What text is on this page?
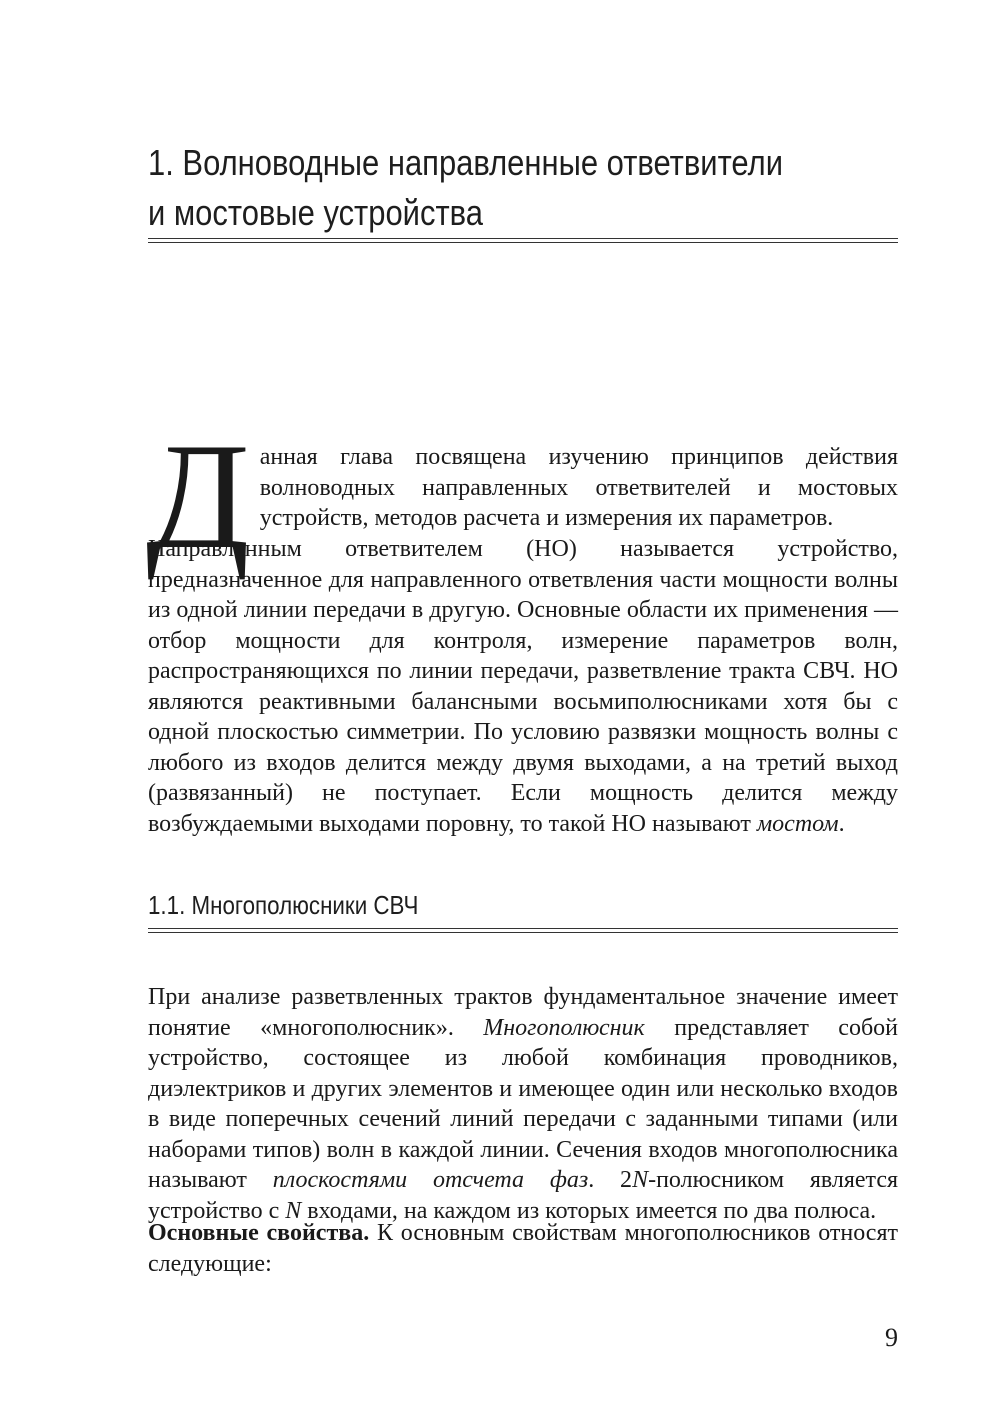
1. Волноводные направленные ответвители
и мостовые устройства

Данная глава посвящена изучению принципов действия волноводных направленных ответвителей и мостовых устройств, методов расчета и измерения их параметров.

Направленным ответвителем (НО) называется устройство, предназначенное для направленного ответвления части мощности волны из одной линии передачи в другую. Основные области их применения — отбор мощности для контроля, измерение параметров волн, распространяющихся по линии передачи, разветвление тракта СВЧ. НО являются реактивными балансными восьмиполюсниками хотя бы с одной плоскостью симметрии. По условию развязки мощность волны с любого из входов делится между двумя выходами, а на третий выход (развязанный) не поступает. Если мощность делится между возбуждаемыми выходами поровну, то такой НО называют мостом.

1.1. Многополюсники СВЧ

При анализе разветвленных трактов фундаментальное значение имеет понятие «многополюсник». Многополюсник представляет собой устройство, состоящее из любой комбинация проводников, диэлектриков и других элементов и имеющее один или несколько входов в виде поперечных сечений линий передачи с заданными типами (или наборами типов) волн в каждой линии. Сечения входов многополюсника называют плоскостями отсчета фаз. 2N-полюсником является устройство с N входами, на каждом из которых имеется по два полюса.

Основные свойства. К основным свойствам многополюсников относят следующие:

9
